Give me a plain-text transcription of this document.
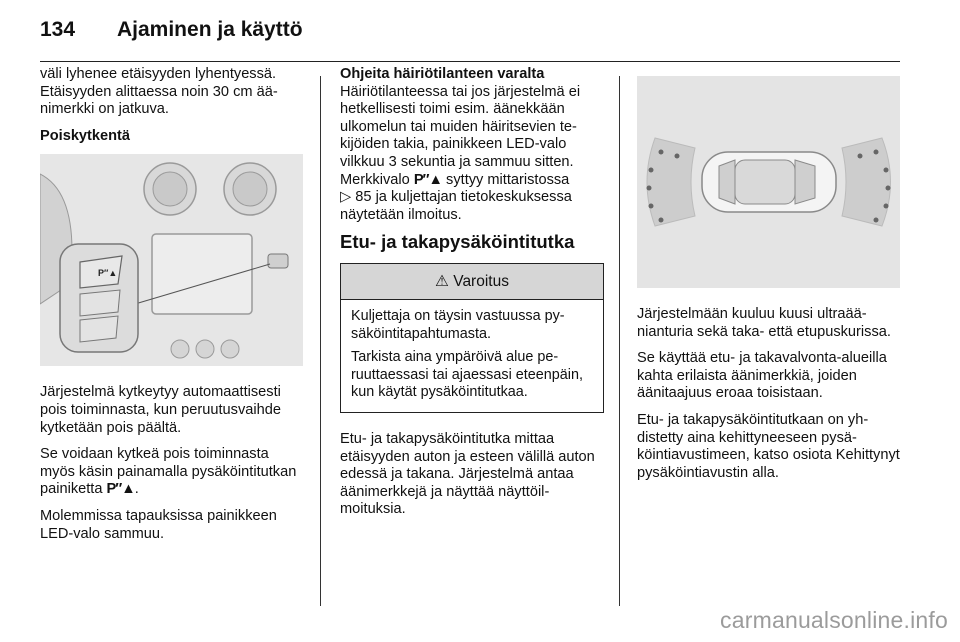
134 Ajaminen ja käyttö
väli lyhenee etäisyyden lyhentyessä. Etäisyyden alittaessa noin 30 cm äänimerkki on jatkuva.
Poiskytkentä
P″▲
Järjestelmä kytkeytyy automaattisesti pois toiminnasta, kun peruutusvaihde kytketään pois päältä.
Se voidaan kytkeä pois toiminnasta myös käsin painamalla pysäköintitutkan painiketta P″▲.
Molemmissa tapauksissa painikkeen LED-valo sammuu.
Ohjeita häiriötilanteen varalta
Häiriötilanteessa tai jos järjestelmä ei hetkellisesti toimi esim. äänekkään ulkomelun tai muiden häiritsevien tekijöiden takia, painikkeen LED-valo vilkkuu 3 sekuntia ja sammuu sitten. Merkkivalo P″▲ syttyy mittaristossa
▷ 85 ja kuljettajan tietokeskuksessa näytetään ilmoitus.
Etu- ja takapysäköintitutka
⚠ Varoitus
Kuljettaja on täysin vastuussa pysäköintitapahtumasta.
Tarkista aina ympäröivä alue peruuttaessasi tai ajaessasi eteenpäin, kun käytät pysäköintitutkaa.
Etu- ja takapysäköintitutka mittaa etäisyyden auton ja esteen välillä auton edessä ja takana. Järjestelmä antaa äänimerkkejä ja näyttää näyttöilmoituksia.
Järjestelmään kuuluu kuusi ultraäänianturia sekä taka- että etupuskurissa.
Se käyttää etu- ja takavalvonta-alueilla kahta erilaista äänimerkkiä, joiden äänitaajuus eroaa toisistaan.
Etu- ja takapysäköintitutkaan on yhdistetty aina kehittyneeseen pysäköintiavustimeen, katso osiota Kehittynyt pysäköintiavustin alla.
carmanualsonline.info
